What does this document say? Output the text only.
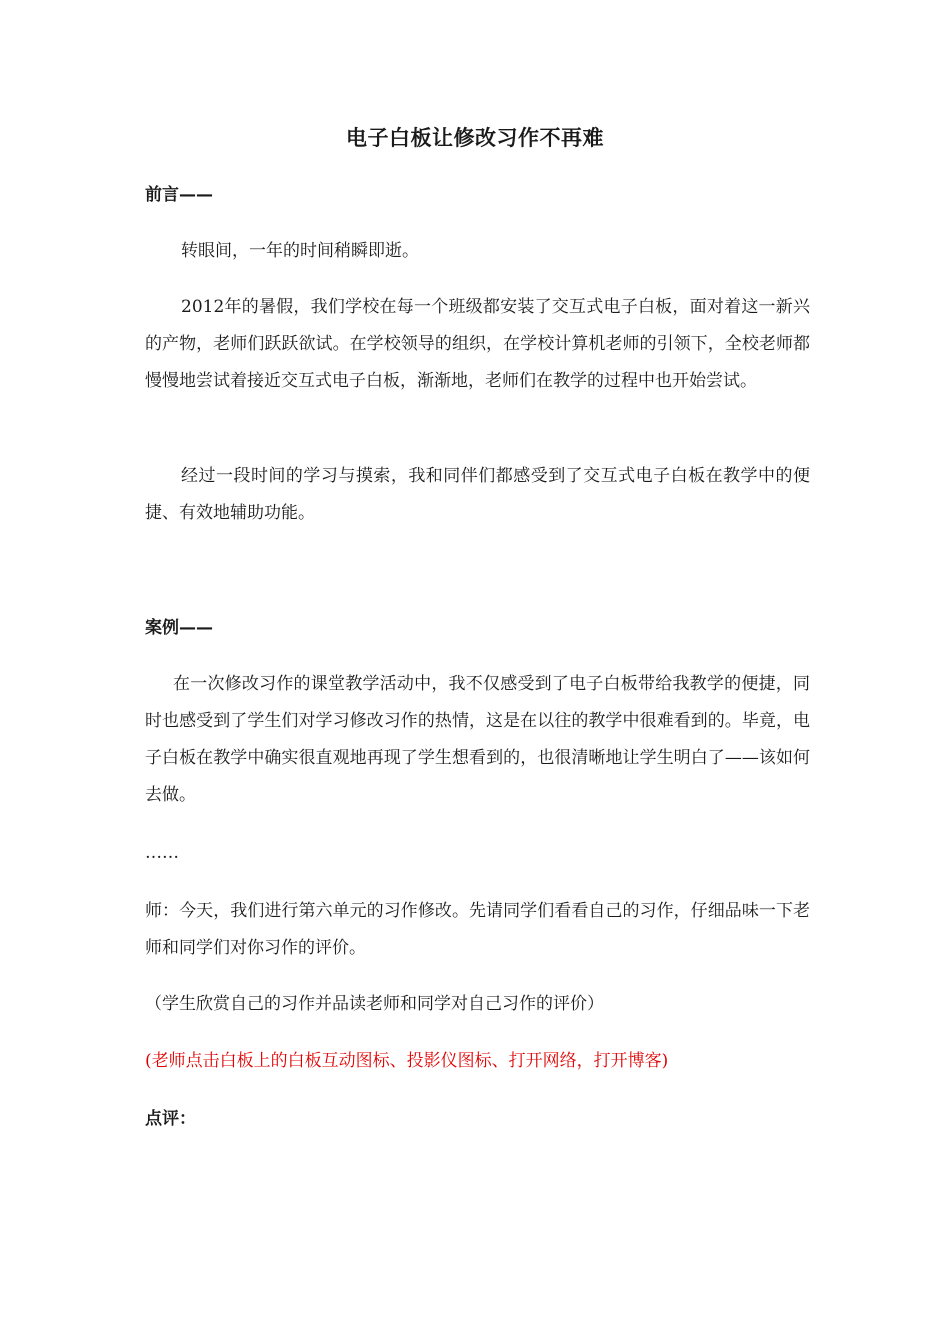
电子白板让修改习作不再难
前言——

转眼间，一年的时间稍瞬即逝。

2012年的暑假，我们学校在每一个班级都安装了交互式电子白板，面对着这一新兴的产物，老师们跃跃欲试。在学校领导的组织，在学校计算机老师的引领下，全校老师都慢慢地尝试着接近交互式电子白板，渐渐地，老师们在教学的过程中也开始尝试。

经过一段时间的学习与摸索，我和同伴们都感受到了交互式电子白板在教学中的便捷、有效地辅助功能。

案例——

在一次修改习作的课堂教学活动中，我不仅感受到了电子白板带给我教学的便捷，同时也感受到了学生们对学习修改习作的热情，这是在以往的教学中很难看到的。毕竟，电子白板在教学中确实很直观地再现了学生想看到的，也很清晰地让学生明白了——该如何去做。

……

师：今天，我们进行第六单元的习作修改。先请同学们看看自己的习作，仔细品味一下老师和同学们对你习作的评价。

（学生欣赏自己的习作并品读老师和同学对自己习作的评价）

(老师点击白板上的白板互动图标、投影仪图标、打开网络，打开博客)

点评：
